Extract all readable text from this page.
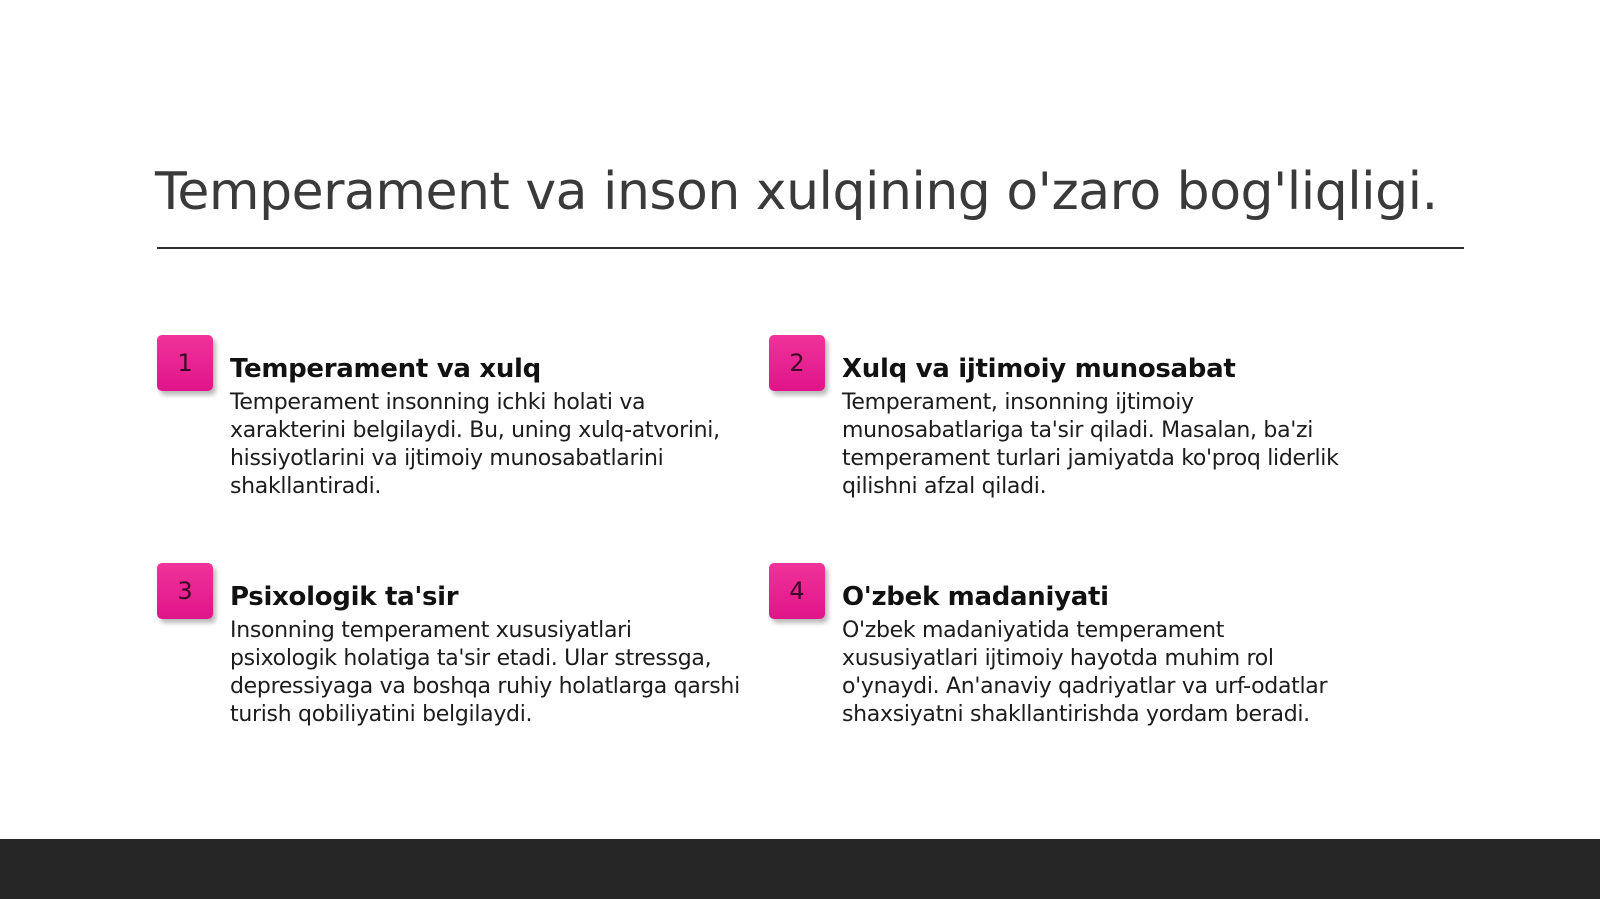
Temperament va inson xulqining o'zaro bog'liqligi.
1	Temperament va xulq

Temperament insonning ichki holati va
xarakterini belgilaydi. Bu, uning xulq-atvorini,
hissiyotlarini va ijtimoiy munosabatlarini
shakllantiradi.

2	Xulq va ijtimoiy munosabat

Temperament, insonning ijtimoiy
munosabatlariga ta'sir qiladi. Masalan, ba'zi
temperament turlari jamiyatda ko'proq liderlik
qilishni afzal qiladi.

3	Psixologik ta'sir

Insonning temperament xususiyatlari
psixologik holatiga ta'sir etadi. Ular stressga,
depressiyaga va boshqa ruhiy holatlarga qarshi
turish qobiliyatini belgilaydi.

4	O'zbek madaniyati

O'zbek madaniyatida temperament
xususiyatlari ijtimoiy hayotda muhim rol
o'ynaydi. An'anaviy qadriyatlar va urf-odatlar
shaxsiyatni shakllantirishda yordam beradi.
